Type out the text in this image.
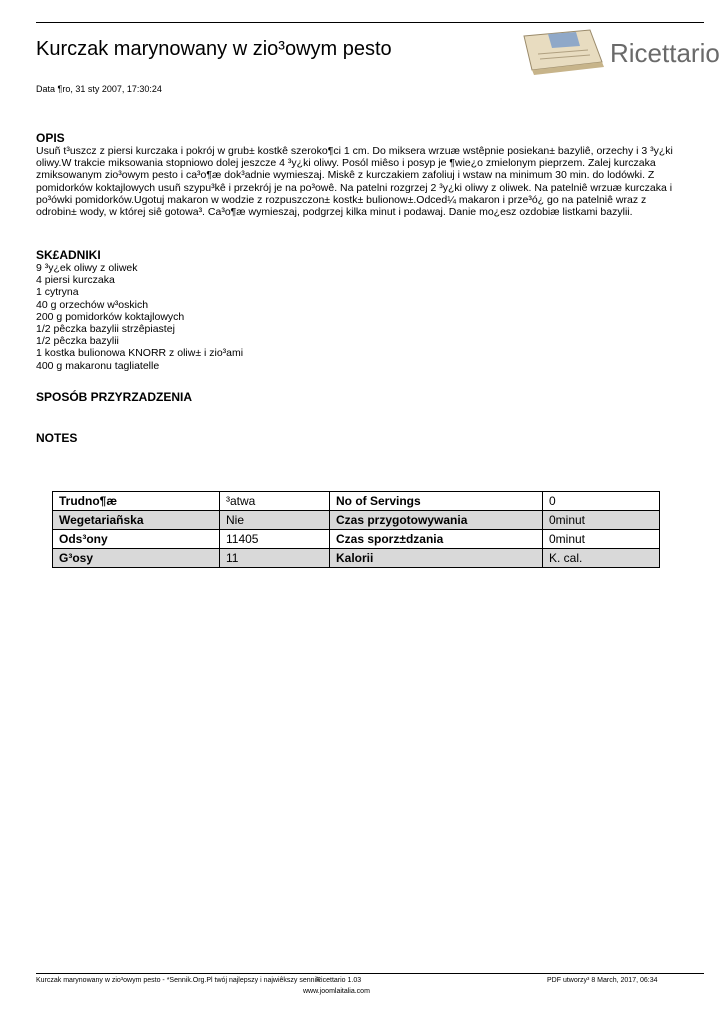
Kurczak marynowany w zio³owym pesto	Ricettario
Data ¶ro, 31 sty 2007, 17:30:24
OPIS
Usuñ t³uszcz z piersi kurczaka i pokrój w grub± kostkê szeroko¶ci 1 cm. Do miksera wrzuæ wstêpnie posiekan± bazyliê, orzechy i 3 ³y¿ki oliwy.W trakcie miksowania stopniowo dolej jeszcze 4 ³y¿ki oliwy. Posól miêso i posyp je ¶wie¿o zmielonym pieprzem. Zalej kurczaka zmiksowanym zio³owym pesto i ca³o¶æ dok³adnie wymieszaj. Miskê z kurczakiem zafoliuj i wstaw na minimum 30 min. do lodówki. Z pomidorków koktajlowych usuñ szypu³kê i przekrój je na po³owê. Na patelni rozgrzej 2 ³y¿ki oliwy z oliwek. Na patelniê wrzuæ kurczaka i po³ówki pomidorków.Ugotuj makaron w wodzie z rozpuszczon± kostk± bulionow±.Odced¼ makaron i prze³ó¿ go na patelniê wraz z odrobin± wody, w której siê gotowa³. Ca³o¶æ wymieszaj, podgrzej kilka minut i podawaj. Danie mo¿esz ozdobiæ listkami bazylii.
SK£ADNIKI
9 ³y¿ek oliwy z oliwek
4 piersi kurczaka
1 cytryna
40 g orzechów w³oskich
200 g pomidorków koktajlowych
1/2 pêczka bazylii strzêpiastej
1/2 pêczka bazylii
1 kostka bulionowa KNORR z oliw± i zio³ami
400 g makaronu tagliatelle
SPOSÓB PRZYRZADZENIA
NOTES
Trudno¶æ	³atwa	No of Servings	0
Wegetariañska	Nie	Czas przygotowywania	0minut
Ods³ony	11405	Czas sporz±dzania	0minut
G³osy	11	Kalorii	K. cal.
Kurczak marynowany w zio³owym pesto - *Sennik.Org.Pl twój najlepszy i najwiêkszy sennik
Ricettario 1.03	PDF utworzy³ 8 March, 2017, 06:34
www.joomlaitalia.com
